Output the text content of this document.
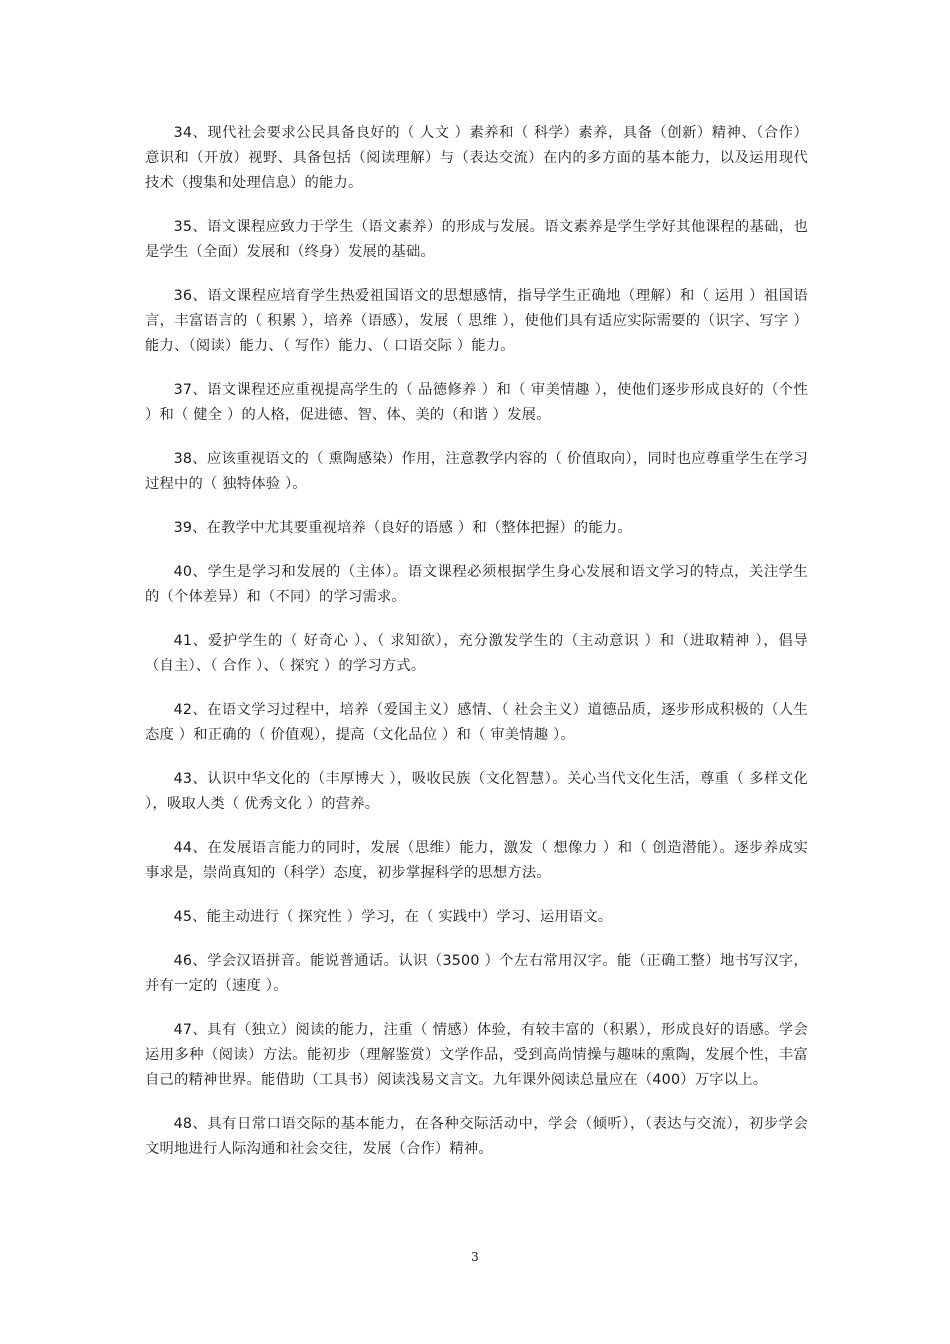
34、现代社会要求公民具备良好的（ 人文 ）素养和（ 科学）素养，具备（创新）精神、（合作）意识和（开放）视野、具备包括（阅读理解）与（表达交流）在内的多方面的基本能力，以及运用现代技术（搜集和处理信息）的能力。

35、语文课程应致力于学生（语文素养）的形成与发展。语文素养是学生学好其他课程的基础，也是学生（全面）发展和（终身）发展的基础。

36、语文课程应培育学生热爱祖国语文的思想感情，指导学生正确地（理解）和（ 运用 ）祖国语言，丰富语言的（ 积累 ），培养（语感），发展（ 思维 ），使他们具有适应实际需要的（识字、写字 ）能力、（阅读）能力、（ 写作）能力、（ 口语交际 ）能力。

37、语文课程还应重视提高学生的（ 品德修养 ）和（ 审美情趣 ），使他们逐步形成良好的（个性 ）和（ 健全 ）的人格，促进德、智、体、美的（和谐 ）发展。

38、应该重视语文的（ 熏陶感染）作用，注意教学内容的（ 价值取向），同时也应尊重学生在学习过程中的（ 独特体验 ）。

39、在教学中尤其要重视培养（良好的语感 ）和（整体把握）的能力。

40、学生是学习和发展的（主体）。语文课程必须根据学生身心发展和语文学习的特点，关注学生的（个体差异）和（不同）的学习需求。

41、爱护学生的（ 好奇心 ）、（ 求知欲），充分激发学生的（主动意识 ）和（进取精神 ），倡导（自主）、（ 合作 ）、（ 探究 ）的学习方式。

42、在语文学习过程中，培养（爱国主义）感情、（ 社会主义）道德品质，逐步形成积极的（人生态度 ）和正确的（ 价值观），提高（文化品位 ）和（ 审美情趣 ）。

43、认识中华文化的（丰厚博大 ），吸收民族（文化智慧）。关心当代文化生活，尊重（ 多样文化 ），吸取人类（ 优秀文化 ）的营养。

44、在发展语言能力的同时，发展（思维）能力，激发（ 想像力 ）和（ 创造潜能）。逐步养成实事求是，崇尚真知的（科学）态度，初步掌握科学的思想方法。

45、能主动进行（ 探究性 ）学习，在（ 实践中）学习、运用语文。

46、学会汉语拼音。能说普通话。认识（3500 ）个左右常用汉字。能（正确工整）地书写汉字，并有一定的（速度 ）。

47、具有（独立）阅读的能力，注重（ 情感）体验，有较丰富的（积累），形成良好的语感。学会运用多种（阅读）方法。能初步（理解鉴赏）文学作品，受到高尚情操与趣味的熏陶，发展个性，丰富自己的精神世界。能借助（工具书）阅读浅易文言文。九年课外阅读总量应在（400）万字以上。

48、具有日常口语交际的基本能力，在各种交际活动中，学会（倾听），（表达与交流），初步学会文明地进行人际沟通和社会交往，发展（合作）精神。

3
